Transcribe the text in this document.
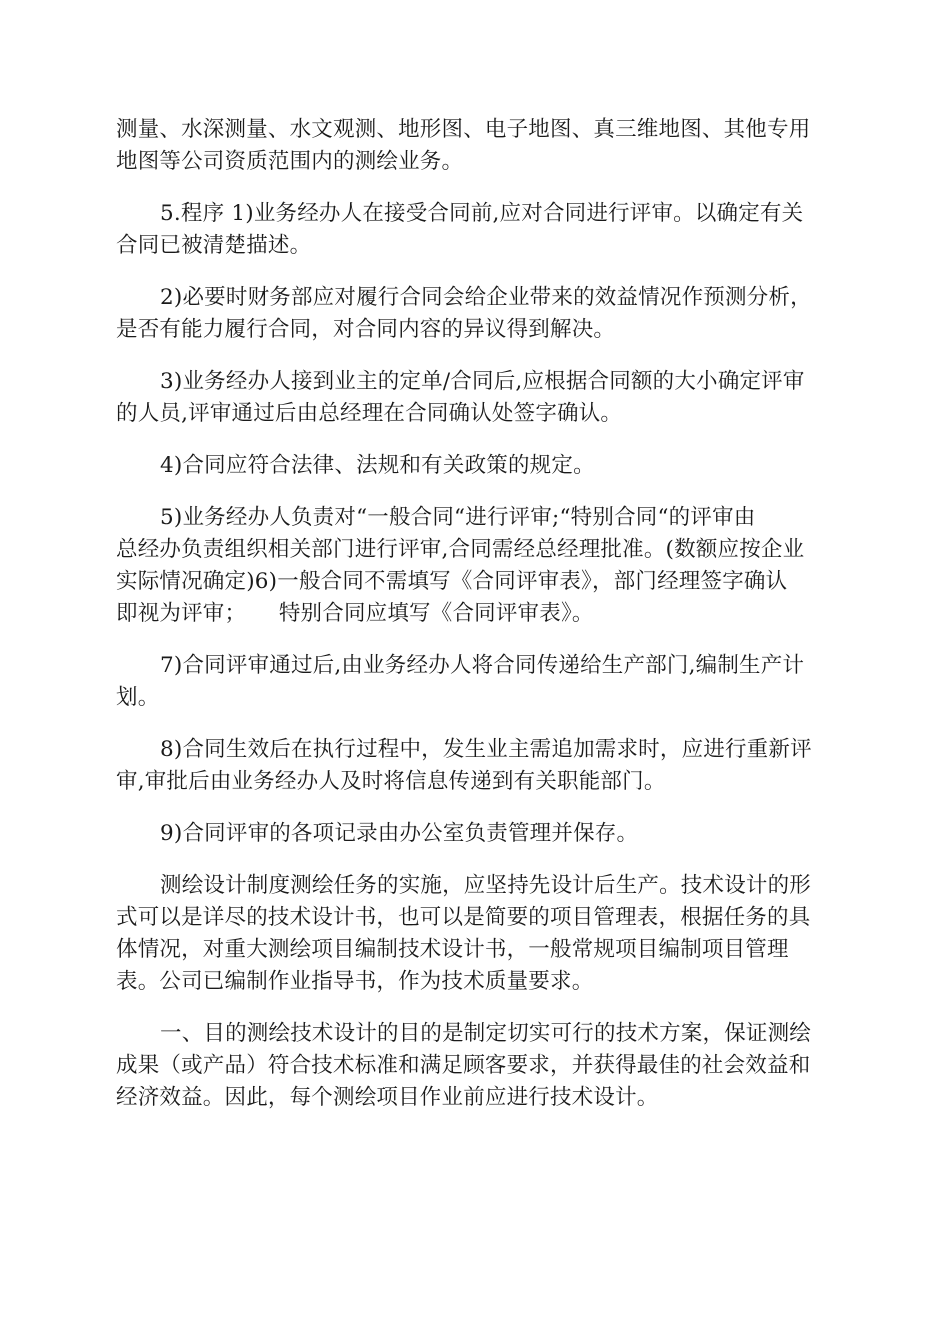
测量、水深测量、水文观测、地形图、电子地图、真三维地图、其他专用
地图等公司资质范围内的测绘业务。

5.程序 1)业务经办人在接受合同前,应对合同进行评审。以确定有关
合同已被清楚描述。

2)必要时财务部应对履行合同会给企业带来的效益情况作预测分析，
是否有能力履行合同，对合同内容的异议得到解决。

3)业务经办人接到业主的定单/合同后,应根据合同额的大小确定评审
的人员,评审通过后由总经理在合同确认处签字确认。

4)合同应符合法律、法规和有关政策的规定。

5)业务经办人负责对“一般合同“进行评审;“特别合同“的评审由
总经办负责组织相关部门进行评审,合同需经总经理批准。(数额应按企业
实际情况确定)6)一般合同不需填写《合同评审表》，部门经理签字确认
即视为评审；　　特别合同应填写《合同评审表》。

7)合同评审通过后,由业务经办人将合同传递给生产部门,编制生产计
划。

8)合同生效后在执行过程中，发生业主需追加需求时，应进行重新评
审,审批后由业务经办人及时将信息传递到有关职能部门。

9)合同评审的各项记录由办公室负责管理并保存。

测绘设计制度测绘任务的实施，应坚持先设计后生产。技术设计的形
式可以是详尽的技术设计书，也可以是简要的项目管理表，根据任务的具
体情况，对重大测绘项目编制技术设计书，一般常规项目编制项目管理
表。公司已编制作业指导书，作为技术质量要求。

一、目的测绘技术设计的目的是制定切实可行的技术方案，保证测绘
成果（或产品）符合技术标准和满足顾客要求，并获得最佳的社会效益和
经济效益。因此，每个测绘项目作业前应进行技术设计。
